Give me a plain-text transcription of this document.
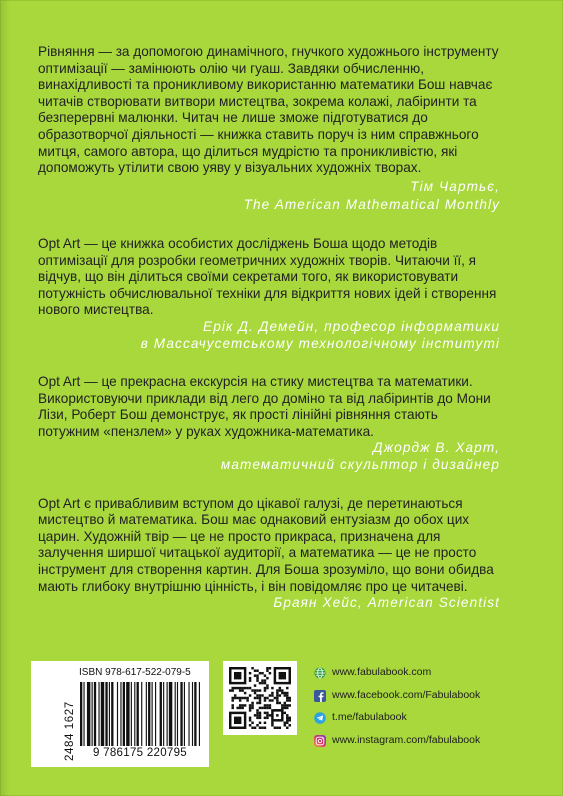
Рівняння — за допомогою динамічного, гнучкого художнього інструменту оптимізації — замінюють олію чи гуаш. Завдяки обчисленню, винахідливості та проникливому використанню математики Бош навчає читачів створювати витвори мистецтва, зокрема колажі, лабіринти та безперервні малюнки. Читач не лише зможе підготуватися до образотворчої діяльності — книжка ставить поруч із ним справжнього митця, самого автора, що ділиться мудрістю та проникливістю, які допоможуть утілити свою уяву у візуальних художніх творах.

Тім Чартьє,

The American Mathematical Monthly

Opt Art — це книжка особистих досліджень Боша щодо методів оптимізації для розробки геометричних художніх творів. Читаючи її, я відчув, що він ділиться своїми секретами того, як використовувати потужність обчислювальної техніки для відкриття нових ідей і створення нового мистецтва.

Ерік Д. Демейн, професор інформатики

в Массачусетському технологічному інституті

Opt Art — це прекрасна екскурсія на стику мистецтва та математики. Використовуючи приклади від лего до доміно та від лабіринтів до Мони Лізи, Роберт Бош демонструє, як прості лінійні рівняння стають потужним «пензлем» у руках художника-математика.

Джордж В. Харт,

математичний скульптор і дизайнер

Opt Art є привабливим вступом до цікавої галузі, де перетинаються мистецтво й математика. Бош має однаковий ентузіазм до обох цих царин. Художній твір — це не просто прикраса, призначена для залучення ширшої читацької аудиторії, а математика — це не просто інструмент для створення картин. Для Боша зрозуміло, що вони обидва мають глибоку внутрішню цінність, і він повідомляє про це читачеві.

Браян Хейс, American Scientist

2484 1627
ISBN 978-617-522-079-5
9 786175 220795
www.fabulabook.com
www.facebook.com/Fabulabook
t.me/fabulabook
www.instagram.com/fabulabook
